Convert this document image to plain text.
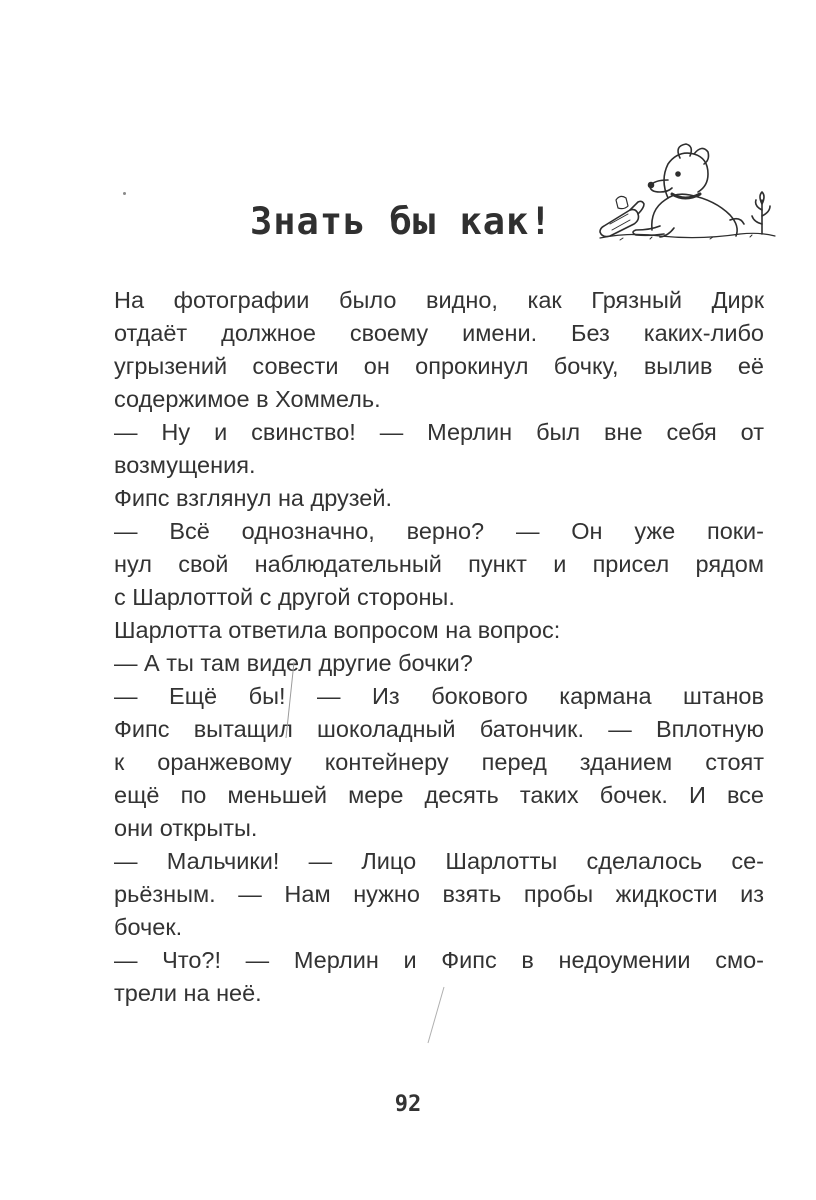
Знать бы как!
На фотографии было видно, как Грязный Дирк
отдаёт должное своему имени. Без каких-либо
угрызений совести он опрокинул бочку, вылив её
содержимое в Хоммель.
— Ну и свинство! — Мерлин был вне себя от
возмущения.
Фипс взглянул на друзей.
— Всё однозначно, верно? — Он уже поки-
нул свой наблюдательный пункт и присел рядом
с Шарлоттой с другой стороны.
Шарлотта ответила вопросом на вопрос:
— А ты там видел другие бочки?
— Ещё бы! — Из бокового кармана штанов
Фипс вытащил шоколадный батончик. — Вплотную
к оранжевому контейнеру перед зданием стоят
ещё по меньшей мере десять таких бочек. И все
они открыты.
— Мальчики! — Лицо Шарлотты сделалось се-
рьёзным. — Нам нужно взять пробы жидкости из
бочек.
— Что?! — Мерлин и Фипс в недоумении смо-
трели на неё.
92
